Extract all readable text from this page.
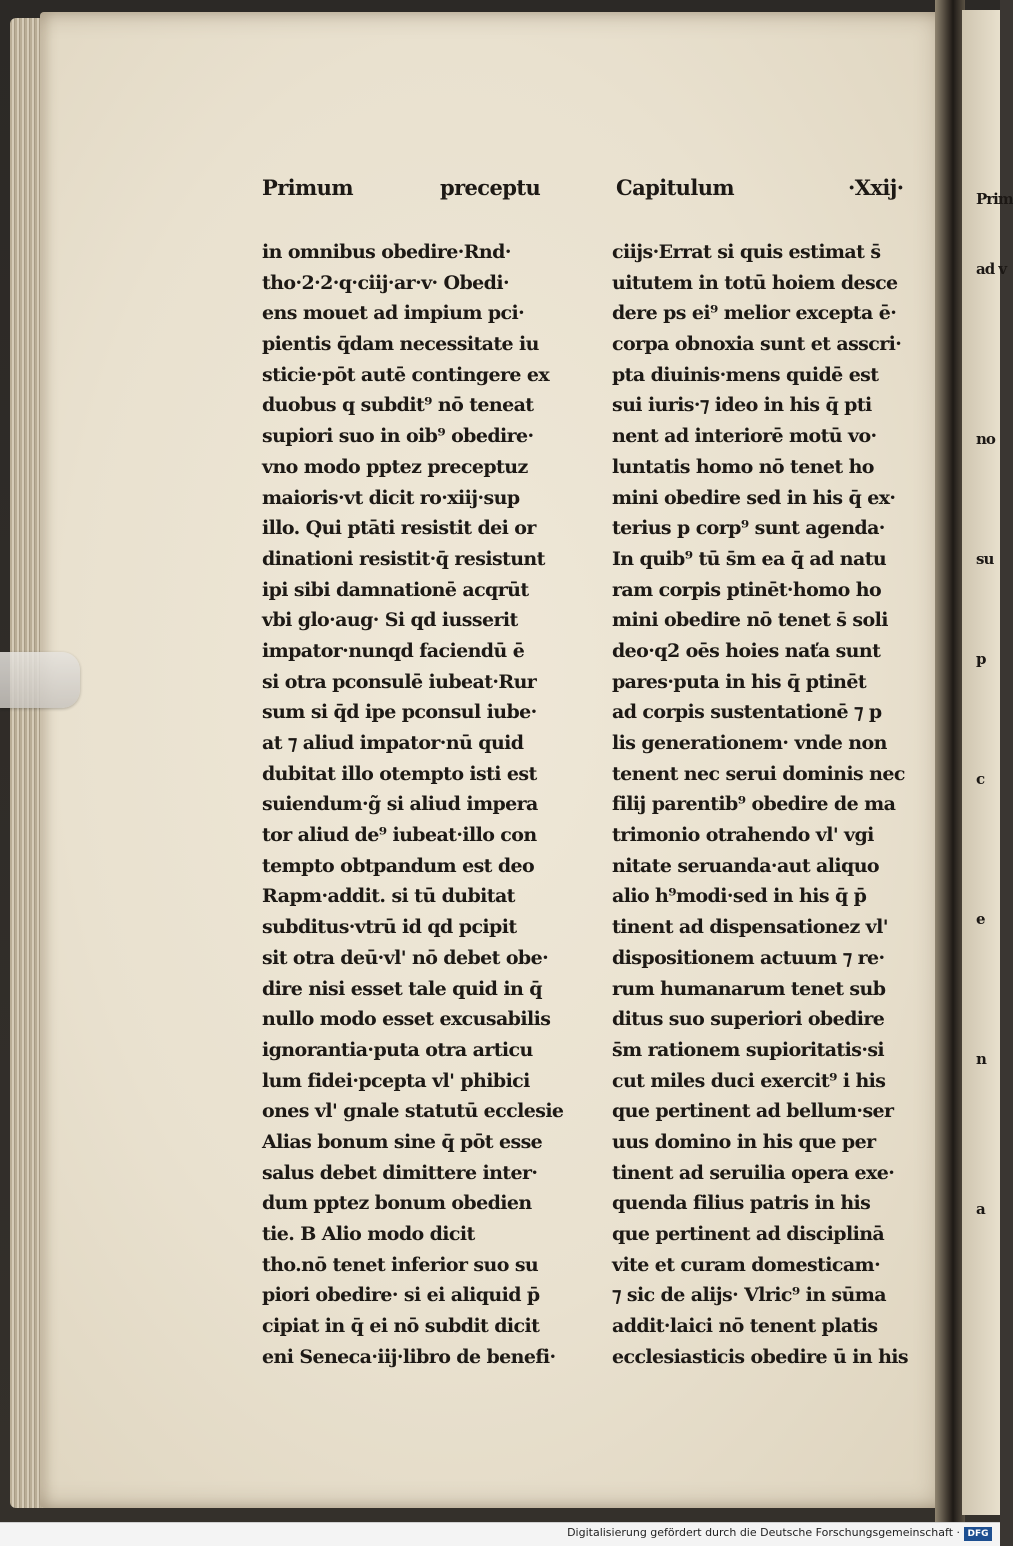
Prim
ad v
no
su
p
c
e
n
a
Primum	preceptu
in omnibus obedire·Rnd·
tho·2·2·q·ciij·ar·v· Obedi·
ens mouet ad impium pci·
pientis q̄dam necessitate iu
sticie·pōt autē contingere ex
duobus q subdit⁹ nō teneat
supiori suo in oib⁹ obedire·
vno modo pptez preceptuz
maioris·vt dicit ro·xiij·sup
illo. Qui ptāti resistit dei or
dinationi resistit·q̄ resistunt
ipi sibi damnationē acqrūt
vbi glo·aug· Si qd iusserit
impator·nunqd faciendū ē
si otra pconsulē iubeat·Rur
sum si q̄d ipe pconsul iube·
at ⁊ aliud impator·nū quid
dubitat illo otempto isti est
suiendum·g̃ si aliud impera
tor aliud de⁹ iubeat·illo con
tempto obtpandum est deo
Rapm·addit. si tū dubitat
subditus·vtrū id qd pcipit
sit otra deū·vl' nō debet obe·
dire nisi esset tale quid in q̄
nullo modo esset excusabilis
ignorantia·puta otra articu
lum fidei·pcepta vl' phibici
ones vl' gnale statutū ecclesie
Alias bonum sine q̄ pōt esse
salus debet dimittere inter·
dum pptez bonum obedien
tie. B Alio modo dicit
tho.nō tenet inferior suo su
piori obedire· si ei aliquid p̄
cipiat in q̄ ei nō subdit dicit
eni Seneca·iij·libro de benefi·
Capitulum	·Xxij·
ciijs·Errat si quis estimat s̄
uitutem in totū hoiem desce
dere ps ei⁹ melior excepta ē·
corpa obnoxia sunt et asscri·
pta diuinis·mens quidē est
sui iuris·⁊ ideo in his q̄ pti
nent ad interiorē motū vo·
luntatis homo nō tenet ho
mini obedire sed in his q̄ ex·
terius p corp⁹ sunt agenda·
In quib⁹ tū s̄m ea q̄ ad natu
ram corpis ptinēt·homo ho
mini obedire nō tenet s̄ soli
deo·q2 oēs hoies naťa sunt
pares·puta in his q̄ ptinēt
ad corpis sustentationē ⁊ p
lis generationem· vnde non
tenent nec serui dominis nec
filij parentib⁹ obedire de ma
trimonio otrahendo vl' vgi
nitate seruanda·aut aliquo
alio h⁹modi·sed in his q̄ p̄
tinent ad dispensationez vl'
dispositionem actuum ⁊ re·
rum humanarum tenet sub
ditus suo superiori obedire
s̄m rationem supioritatis·si
cut miles duci exercit⁹ i his
que pertinent ad bellum·ser
uus domino in his que per
tinent ad seruilia opera exe·
quenda filius patris in his
que pertinent ad disciplinā
vite et curam domesticam·
⁊ sic de alijs· Vlric⁹ in sūma
addit·laici nō tenent platis
ecclesiasticis obedire ū in his
Digitalisierung gefördert durch die Deutsche Forschungsgemeinschaft · DFG
